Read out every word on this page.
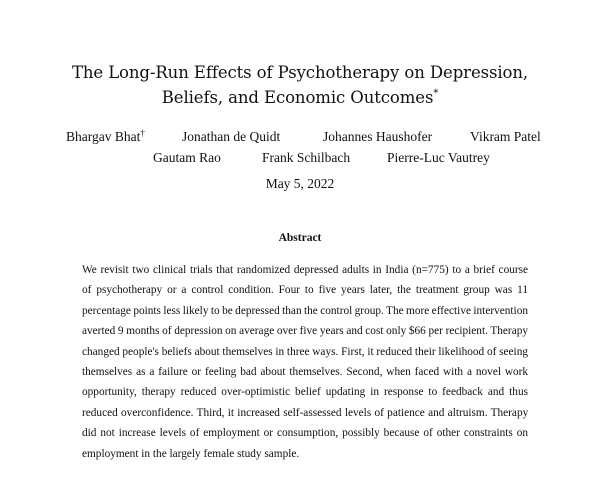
The Long-Run Effects of Psychotherapy on Depression,
Beliefs, and Economic Outcomes*
Bhargav Bhat†	Jonathan de Quidt	Johannes Haushofer	Vikram Patel
Gautam Rao	Frank Schilbach	Pierre-Luc Vautrey
May 5, 2022
Abstract
We revisit two clinical trials that randomized depressed adults in India (n=775) to a brief course
of psychotherapy or a control condition. Four to five years later, the treatment group was 11
percentage points less likely to be depressed than the control group. The more effective intervention
averted 9 months of depression on average over five years and cost only $66 per recipient. Therapy
changed people's beliefs about themselves in three ways. First, it reduced their likelihood of seeing
themselves as a failure or feeling bad about themselves. Second, when faced with a novel work
opportunity, therapy reduced over-optimistic belief updating in response to feedback and thus
reduced overconfidence. Third, it increased self-assessed levels of patience and altruism. Therapy
did not increase levels of employment or consumption, possibly because of other constraints on
employment in the largely female study sample.
